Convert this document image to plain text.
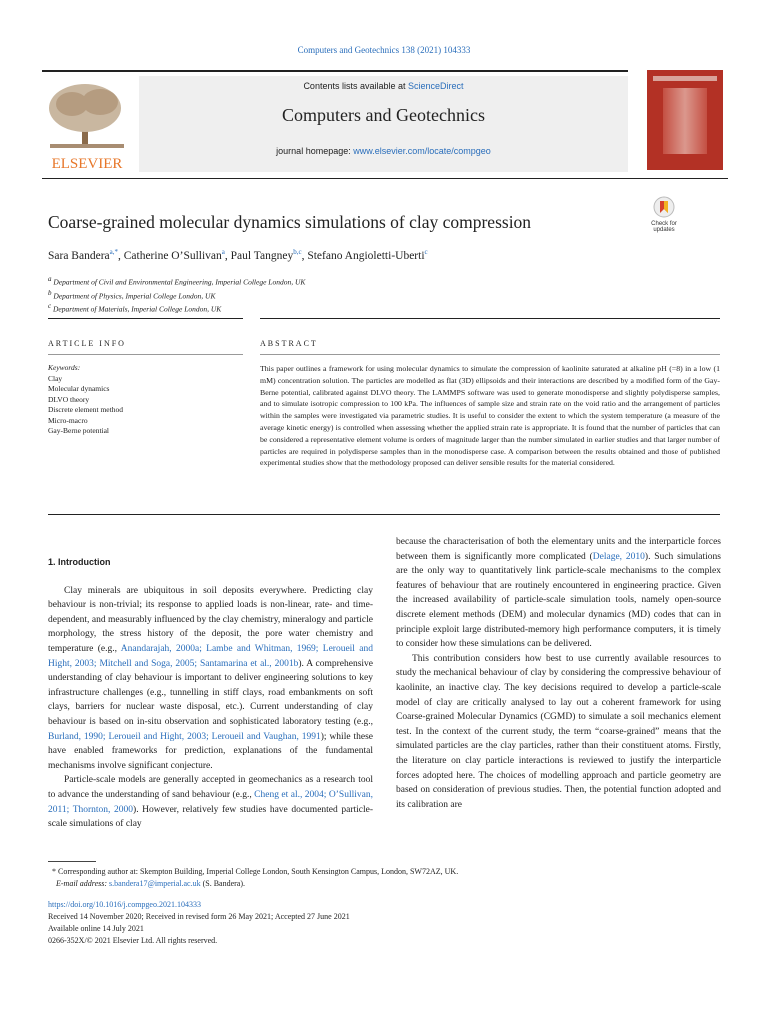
Computers and Geotechnics 138 (2021) 104333
ELSEVIER
Contents lists available at ScienceDirect
Computers and Geotechnics
journal homepage: www.elsevier.com/locate/compgeo
Coarse-grained molecular dynamics simulations of clay compression	Check for updates
Sara Bandera$^{a,*}$, Catherine O’Sullivan$^a$, Paul Tangney$^{b,c}$, Stefano Angioletti-Uberti$^c$
$^a$ Department of Civil and Environmental Engineering, Imperial College London, UK
$^b$ Department of Physics, Imperial College London, UK
$^c$ Department of Materials, Imperial College London, UK
ARTICLE INFO	ABSTRACT
Keywords:
Clay
Molecular dynamics
DLVO theory
Discrete element method
Micro-macro
Gay-Berne potential
This paper outlines a framework for using molecular dynamics to simulate the compression of kaolinite saturated at alkaline pH (=8) in a low (1 mM) concentration solution. The particles are modelled as flat (3D) ellipsoids and their interactions are described by a modified form of the Gay-Berne potential, calibrated against DLVO theory. The LAMMPS software was used to generate monodisperse and slightly polydisperse samples, and to simulate isotropic compression to 100 kPa. The influences of sample size and strain rate on the void ratio and the arrangement of particles within the samples were investigated via parametric studies. It is useful to consider the extent to which the system temperature (a measure of the average kinetic energy) is controlled when assessing whether the applied strain rate is appropriate. It is found that the number of particles that can be considered a representative element volume is orders of magnitude larger than the number simulated in earlier studies and that larger number of particles are required in polydisperse samples than in the monodisperse case. A comparison between the results obtained and those of published experimental studies show that the methodology proposed can deliver sensible results for the material considered.
1. Introduction

Clay minerals are ubiquitous in soil deposits everywhere. Predicting clay behaviour is non-trivial; its response to applied loads is non-linear, rate- and time-dependent, and measurably influenced by the clay chemistry, mineralogy and particle morphology, the stress history of the deposit, the pore water chemistry and temperature (e.g., Anandarajah, 2000a; Lambe and Whitman, 1969; Leroueil and Hight, 2003; Mitchell and Soga, 2005; Santamarina et al., 2001b). A comprehensive understanding of clay behaviour is important to deliver engineering solutions to key infrastructure challenges (e.g., tunnelling in stiff clays, road embankments on soft clays, barriers for nuclear waste disposal, etc.). Current understanding of clay behaviour is based on in-situ observation and sophisticated laboratory testing (e.g., Burland, 1990; Leroueil and Hight, 2003; Leroueil and Vaughan, 1991); while these have enabled frameworks for prediction, explanations of the fundamental mechanisms involve significant conjecture.

Particle-scale models are generally accepted in geomechanics as a research tool to advance the understanding of sand behaviour (e.g., Cheng et al., 2004; O’Sullivan, 2011; Thornton, 2000). However, relatively few studies have documented particle-scale simulations of clay

because the characterisation of both the elementary units and the interparticle forces between them is significantly more complicated (Delage, 2010). Such simulations are the only way to quantitatively link particle-scale mechanisms to the complex features of behaviour that are routinely encountered in engineering practice. Given the increased availability of particle-scale simulation tools, namely open-source discrete element methods (DEM) and molecular dynamics (MD) codes that can in principle exploit large distributed-memory high performance computers, it is timely to consider how these simulations can be delivered.

This contribution considers how best to use currently available resources to study the mechanical behaviour of clay by considering the compressive behaviour of kaolinite, an inactive clay. The key decisions required to develop a particle-scale model of clay are critically analysed to lay out a coherent framework for using Coarse-grained Molecular Dynamics (CGMD) to simulate a soil mechanics element test. In the context of the current study, the term “coarse-grained” means that the simulated particles are the clay particles, rather than their constituent atoms. Firstly, the literature on clay particle interactions is reviewed to justify the interparticle forces adopted here. The choices of modelling approach and particle geometry are based on consideration of previous studies. Then, the potential function adopted and its calibration are

* Corresponding author at: Skempton Building, Imperial College London, South Kensington Campus, London, SW72AZ, UK.
E-mail address: s.bandera17@imperial.ac.uk (S. Bandera).
https://doi.org/10.1016/j.compgeo.2021.104333
Received 14 November 2020; Received in revised form 26 May 2021; Accepted 27 June 2021
Available online 14 July 2021
0266-352X/© 2021 Elsevier Ltd. All rights reserved.
